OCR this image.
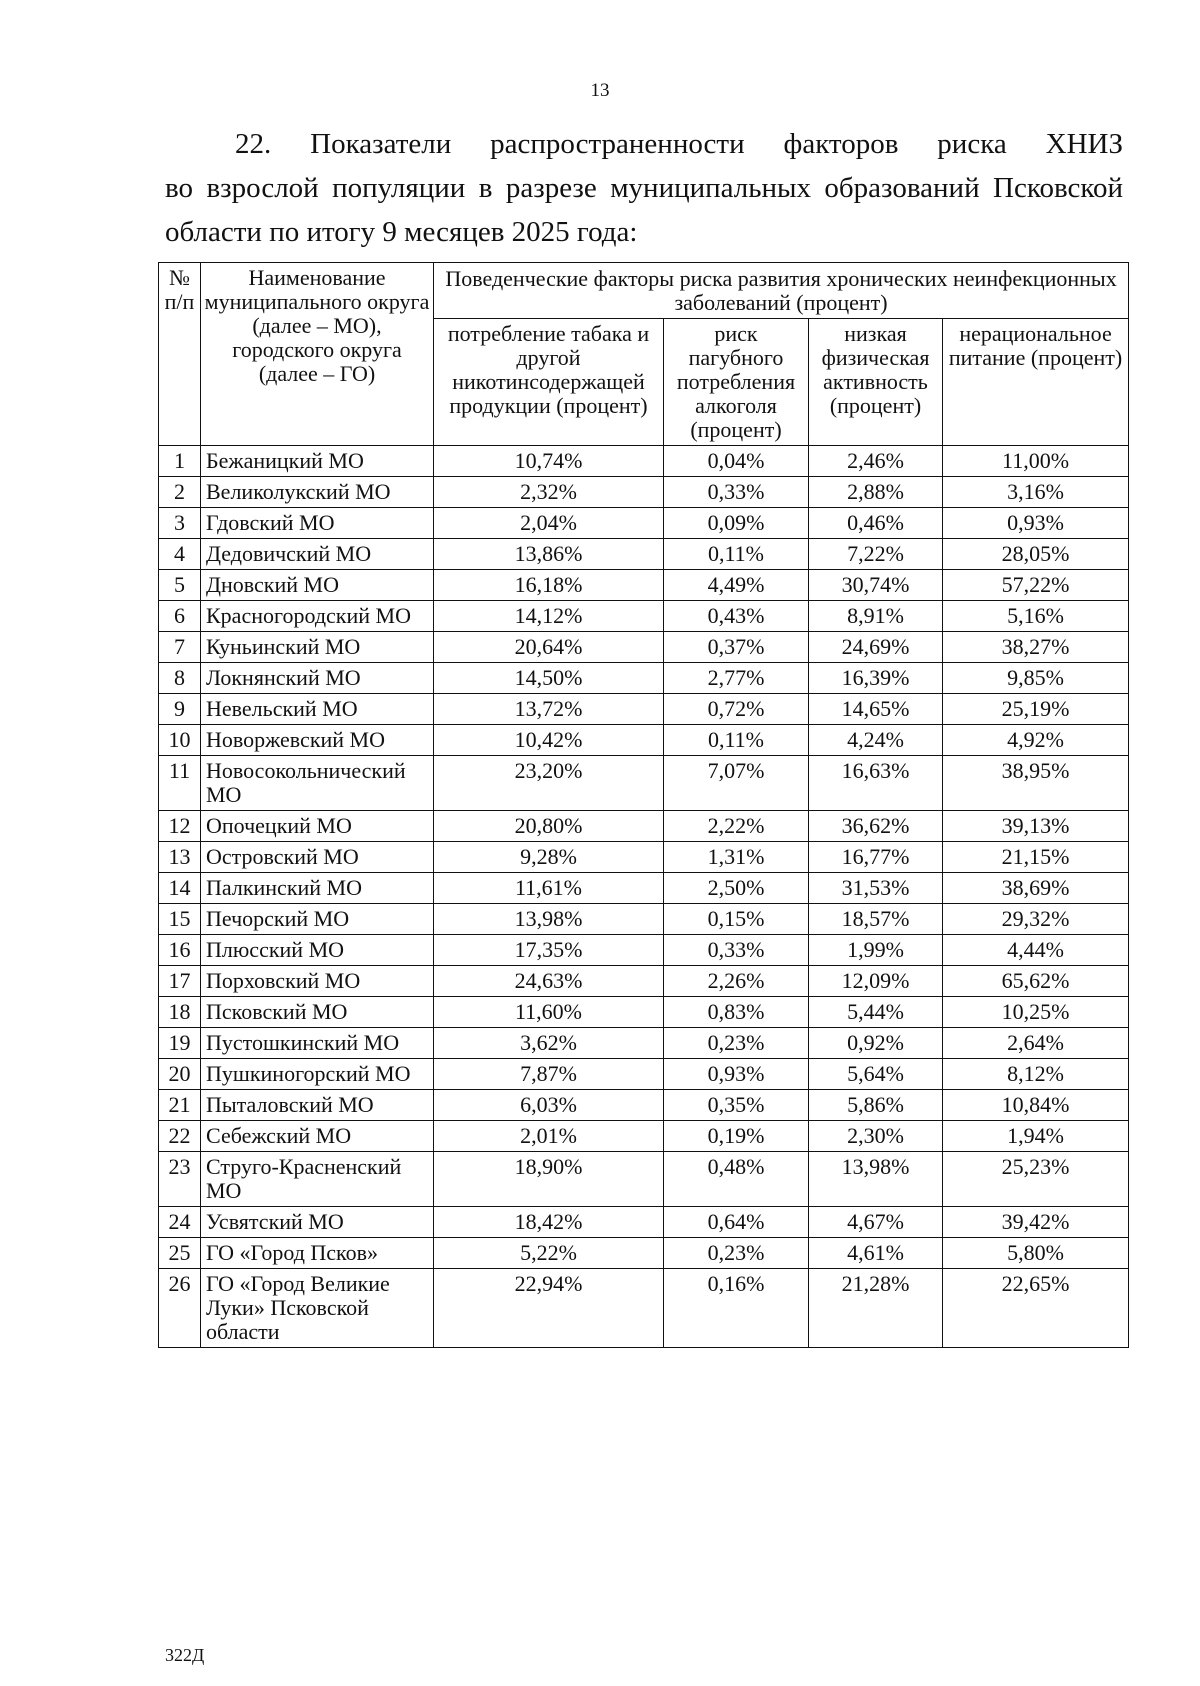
13
22. Показатели распространенности факторов риска ХНИЗ
во взрослой популяции в разрезе муниципальных образований Псковской области по итогу 9 месяцев 2025 года:
№ п/п	Наименование муниципального округа (далее – МО), городского округа (далее – ГО)	Поведенческие факторы риска развития хронических неинфекционных заболеваний (процент)			
		потребление табака и другой никотинсодержащей продукции (процент)	риск пагубного потребления алкоголя (процент)	низкая физическая активность (процент)	нерациональное питание (процент)
1	Бежаницкий МО	10,74%	0,04%	2,46%	11,00%
2	Великолукский МО	2,32%	0,33%	2,88%	3,16%
3	Гдовский МО	2,04%	0,09%	0,46%	0,93%
4	Дедовичский МО	13,86%	0,11%	7,22%	28,05%
5	Дновский МО	16,18%	4,49%	30,74%	57,22%
6	Красногородский МО	14,12%	0,43%	8,91%	5,16%
7	Куньинский МО	20,64%	0,37%	24,69%	38,27%
8	Локнянский МО	14,50%	2,77%	16,39%	9,85%
9	Невельский МО	13,72%	0,72%	14,65%	25,19%
10	Новоржевский МО	10,42%	0,11%	4,24%	4,92%
11	Новосокольнический МО	23,20%	7,07%	16,63%	38,95%
12	Опочецкий МО	20,80%	2,22%	36,62%	39,13%
13	Островский МО	9,28%	1,31%	16,77%	21,15%
14	Палкинский МО	11,61%	2,50%	31,53%	38,69%
15	Печорский МО	13,98%	0,15%	18,57%	29,32%
16	Плюсский МО	17,35%	0,33%	1,99%	4,44%
17	Порховский МО	24,63%	2,26%	12,09%	65,62%
18	Псковский МО	11,60%	0,83%	5,44%	10,25%
19	Пустошкинский МО	3,62%	0,23%	0,92%	2,64%
20	Пушкиногорский МО	7,87%	0,93%	5,64%	8,12%
21	Пыталовский МО	6,03%	0,35%	5,86%	10,84%
22	Себежский МО	2,01%	0,19%	2,30%	1,94%
23	Струго-Красненский МО	18,90%	0,48%	13,98%	25,23%
24	Усвятский МО	18,42%	0,64%	4,67%	39,42%
25	ГО «Город Псков»	5,22%	0,23%	4,61%	5,80%
26	ГО «Город Великие Луки» Псковской области	22,94%	0,16%	21,28%	22,65%
322Д
